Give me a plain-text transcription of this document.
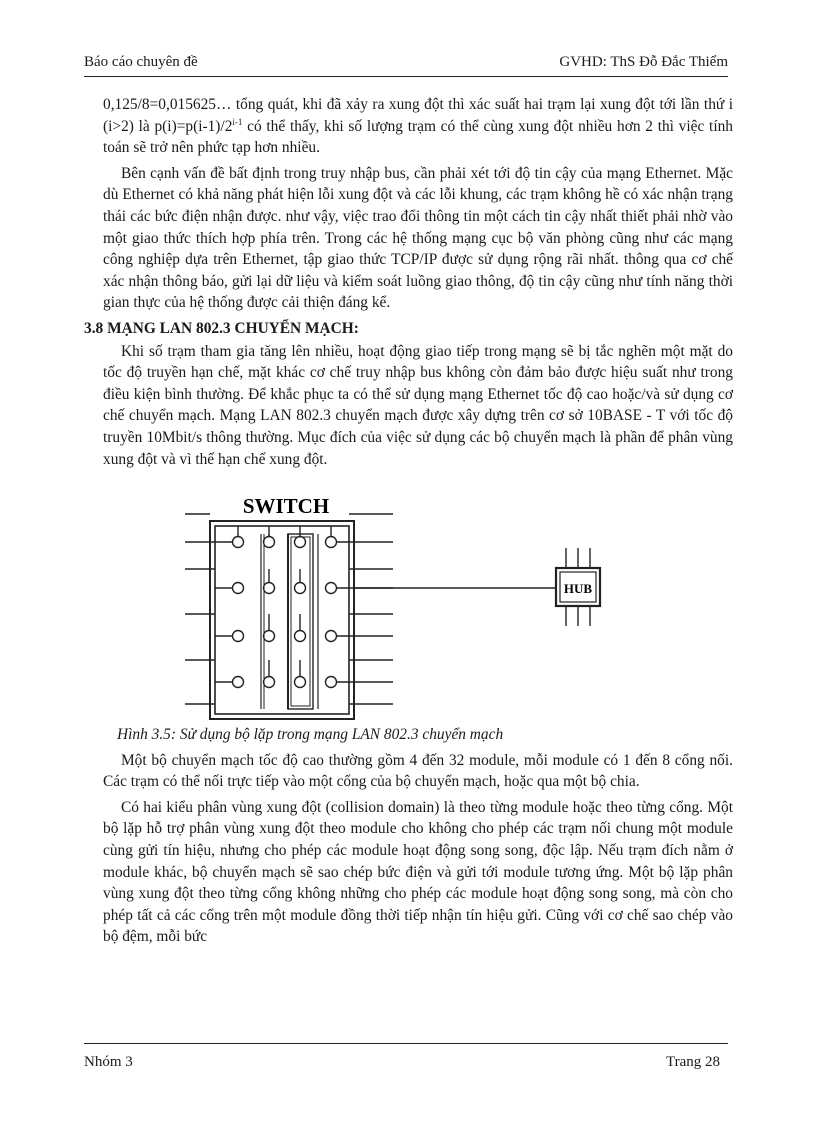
Báo cáo chuyên đề	GVHD: ThS Đỗ Đắc Thiểm

0,125/8=0,015625… tổng quát, khi đã xảy ra xung đột thì xác suất hai trạm lại xung đột tới lần thứ i (i>2) là $p(i)=p(i-1)/2^{i-1}$ có thể thấy, khi số lượng trạm có thể cùng xung đột nhiều hơn 2 thì việc tính toán sẽ trở nên phức tạp hơn nhiều.

Bên cạnh vấn đề bất định trong truy nhập bus, cần phải xét tới độ tin cậy của mạng Ethernet. Mặc dù Ethernet có khả năng phát hiện lỗi xung đột và các lỗi khung, các trạm không hề có xác nhận trạng thái các bức điện nhận được. như vậy, việc trao đổi thông tin một cách tin cậy nhất thiết phải nhờ vào một giao thức thích hợp phía trên. Trong các hệ thống mạng cục bộ văn phòng cũng như các mạng công nghiệp dựa trên Ethernet, tập giao thức TCP/IP được sử dụng rộng rãi nhất. thông qua cơ chế xác nhận thông báo, gửi lại dữ liệu và kiểm soát luồng giao thông, độ tin cậy cũng như tính năng thời gian thực của hệ thống được cải thiện đáng kể.

3.8 MẠNG LAN 802.3 CHUYỂN MẠCH:

Khi số trạm tham gia tăng lên nhiều, hoạt động giao tiếp trong mạng sẽ bị tắc nghẽn một mặt do tốc độ truyền hạn chế, mặt khác cơ chế truy nhập bus không còn đảm bảo được hiệu suất như trong điều kiện bình thường. Để khắc phục ta có thể sử dụng mạng Ethernet tốc độ cao hoặc/và sử dụng cơ chế chuyển mạch. Mạng LAN 802.3 chuyển mạch được xây dựng trên cơ sở 10BASE - T với tốc độ truyền 10Mbit/s thông thường. Mục đích của việc sử dụng các bộ chuyển mạch là phần để phân vùng xung đột và vì thế hạn chế xung đột.

SWITCH
HUB

Hình 3.5: Sử dụng bộ lặp trong mạng LAN 802.3 chuyển mạch

Một bộ chuyển mạch tốc độ cao thường gồm 4 đến 32 module, mỗi module có 1 đến 8 cổng nối. Các trạm có thể nối trực tiếp vào một cổng của bộ chuyển mạch, hoặc qua một bộ chia.

Có hai kiểu phân vùng xung đột (collision domain) là theo từng module hoặc theo từng cổng. Một bộ lặp hỗ trợ phân vùng xung đột theo module cho không cho phép các trạm nối chung một module cùng gửi tín hiệu, nhưng cho phép các module hoạt động song song, độc lập. Nếu trạm đích nằm ở module khác, bộ chuyển mạch sẽ sao chép bức điện và gửi tới module tương ứng. Một bộ lặp phân vùng xung đột theo từng cổng không những cho phép các module hoạt động song song, mà còn cho phép tất cả các cổng trên một module đồng thời tiếp nhận tín hiệu gửi. Cũng với cơ chế sao chép vào bộ đệm, mỗi bức

Nhóm 3	Trang 28
